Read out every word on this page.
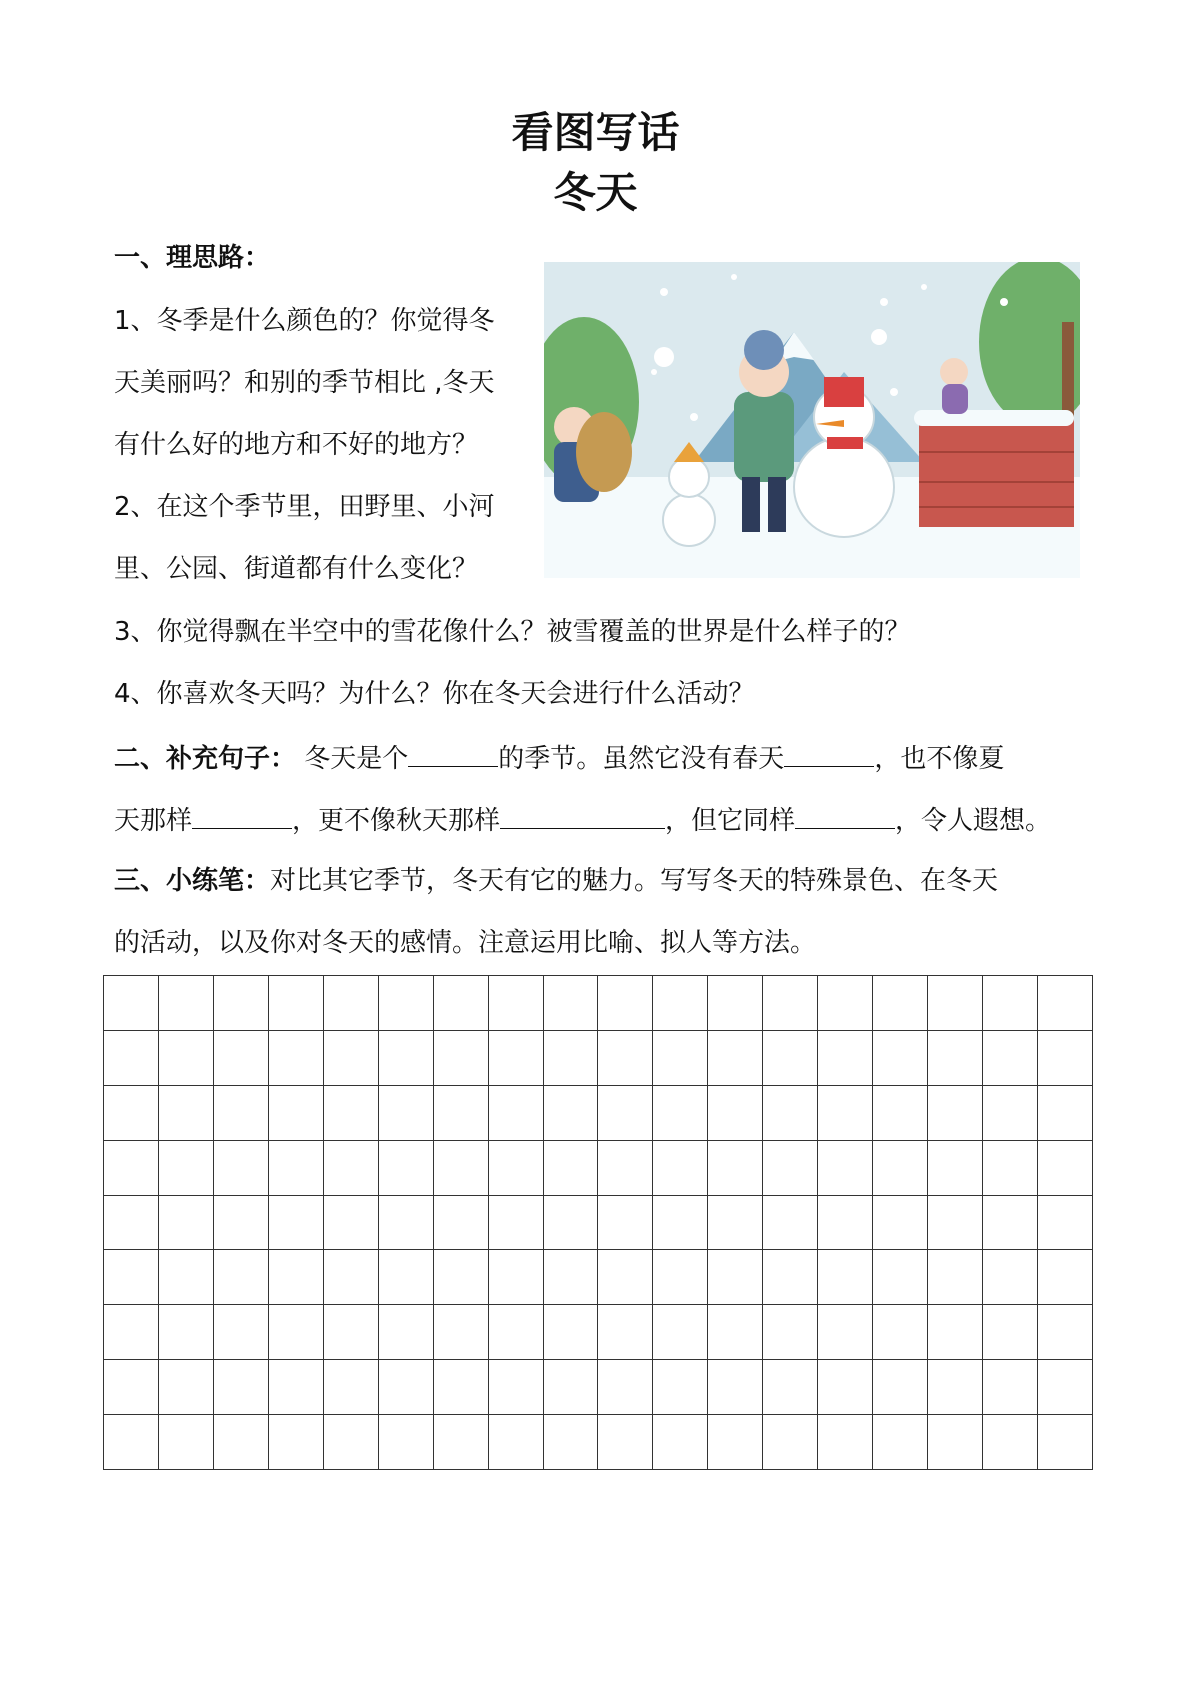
看图写话
冬天
一、理思路：
1、冬季是什么颜色的？你觉得冬
天美丽吗？和别的季节相比 ,冬天
有什么好的地方和不好的地方？
2、在这个季节里，田野里、小河
里、公园、街道都有什么变化？
3、你觉得飘在半空中的雪花像什么？被雪覆盖的世界是什么样子的？
4、你喜欢冬天吗？为什么？你在冬天会进行什么活动？
二、补充句子： 冬天是个	的季节。虽然它没有春天	，也不像夏
天那样	，更不像秋天那样	，但它同样	，令人遐想。
三、小练笔：对比其它季节，冬天有它的魅力。写写冬天的特殊景色、在冬天
的活动，以及你对冬天的感情。注意运用比喻、拟人等方法。
